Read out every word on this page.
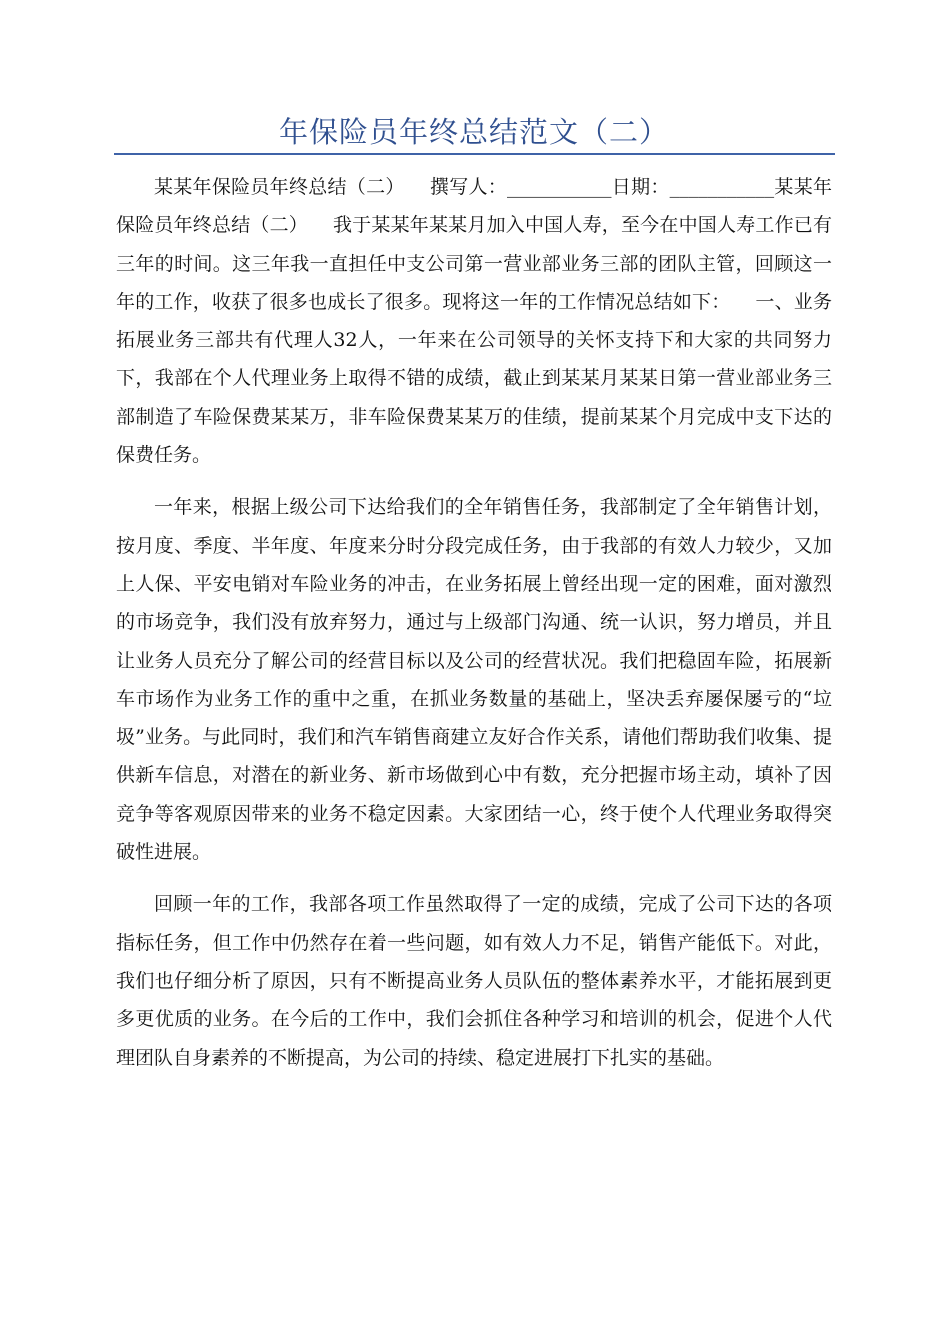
年保险员年终总结范文（二）

某某年保险员年终总结（二）    撰写人：___________日期：___________某某年保险员年终总结（二）    我于某某年某某月加入中国人寿，至今在中国人寿工作已有三年的时间。这三年我一直担任中支公司第一营业部业务三部的团队主管，回顾这一年的工作，收获了很多也成长了很多。现将这一年的工作情况总结如下：    一、业务拓展业务三部共有代理人32人，一年来在公司领导的关怀支持下和大家的共同努力下，我部在个人代理业务上取得不错的成绩，截止到某某月某某日第一营业部业务三部制造了车险保费某某万，非车险保费某某万的佳绩，提前某某个月完成中支下达的保费任务。

一年来，根据上级公司下达给我们的全年销售任务，我部制定了全年销售计划，按月度、季度、半年度、年度来分时分段完成任务，由于我部的有效人力较少，又加上人保、平安电销对车险业务的冲击，在业务拓展上曾经出现一定的困难，面对激烈的市场竞争，我们没有放弃努力，通过与上级部门沟通、统一认识，努力增员，并且让业务人员充分了解公司的经营目标以及公司的经营状况。我们把稳固车险，拓展新车市场作为业务工作的重中之重，在抓业务数量的基础上，坚决丢弃屡保屡亏的“垃圾”业务。与此同时，我们和汽车销售商建立友好合作关系，请他们帮助我们收集、提供新车信息，对潜在的新业务、新市场做到心中有数，充分把握市场主动，填补了因竞争等客观原因带来的业务不稳定因素。大家团结一心，终于使个人代理业务取得突破性进展。

回顾一年的工作，我部各项工作虽然取得了一定的成绩，完成了公司下达的各项指标任务，但工作中仍然存在着一些问题，如有效人力不足，销售产能低下。对此，我们也仔细分析了原因，只有不断提高业务人员队伍的整体素养水平，才能拓展到更多更优质的业务。在今后的工作中，我们会抓住各种学习和培训的机会，促进个人代理团队自身素养的不断提高，为公司的持续、稳定进展打下扎实的基础。
